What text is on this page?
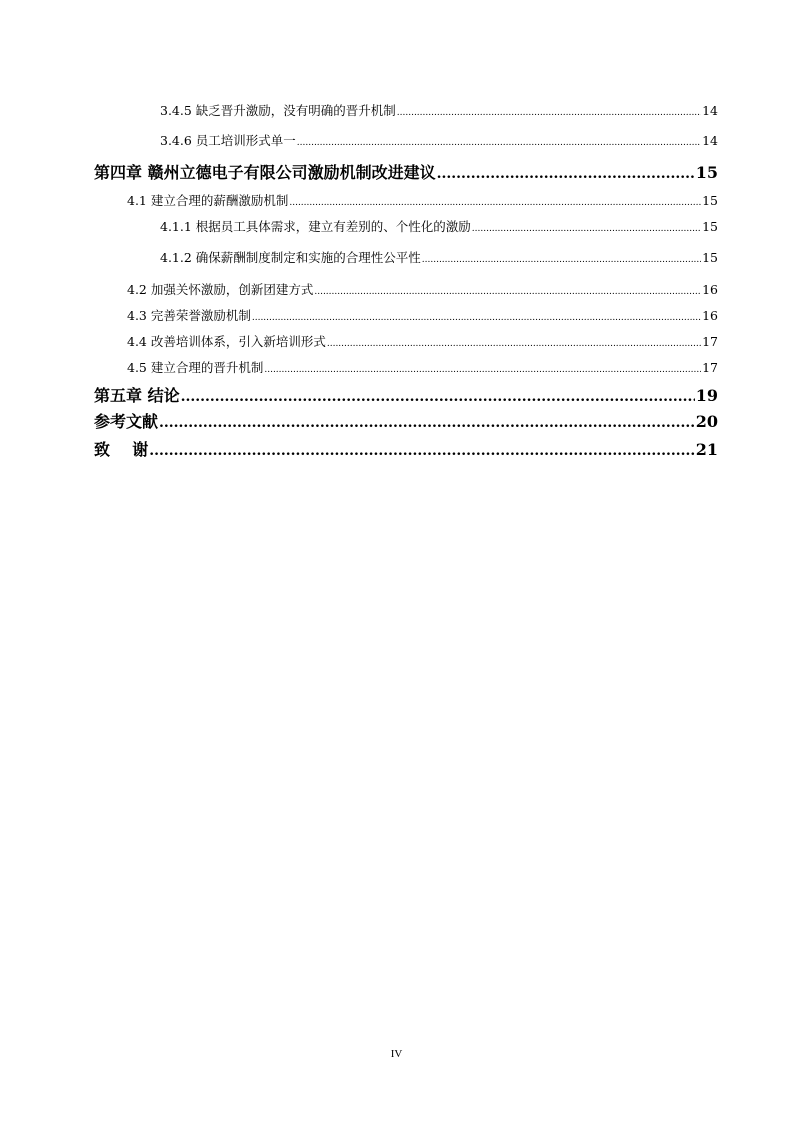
3.4.5 缺乏晋升激励，没有明确的晋升机制 .....	14
3.4.6 员工培训形式单一 .....	14
第四章 赣州立德电子有限公司激励机制改进建议 .....	15
4.1 建立合理的薪酬激励机制 .....	15
4.1.1 根据员工具体需求，建立有差别的、个性化的激励 .....	15
4.1.2 确保薪酬制度制定和实施的合理性公平性 .....	15
4.2 加强关怀激励，创新团建方式 .....	16
4.3 完善荣誉激励机制 .....	16
4.4 改善培训体系，引入新培训形式 .....	17
4.5 建立合理的晋升机制 .....	17
第五章 结论 .....	19
参考文献 .....	20
致    谢 .....	21
IV
